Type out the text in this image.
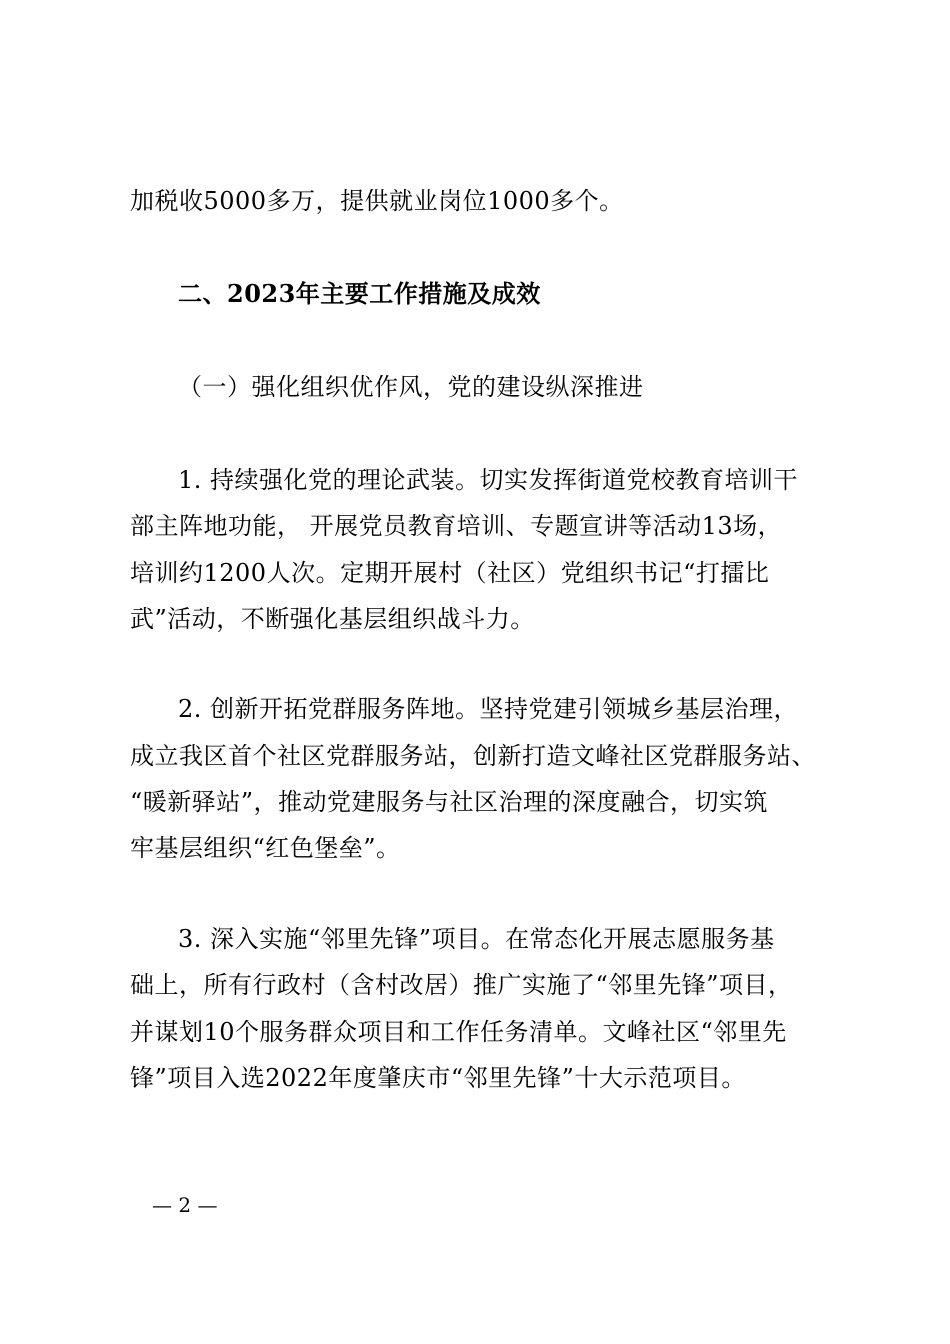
加税收5000多万，提供就业岗位1000多个。
二、2023年主要工作措施及成效
（一）强化组织优作风，党的建设纵深推进
1. 持续强化党的理论武装。切实发挥街道党校教育培训干
部主阵地功能， 开展党员教育培训、专题宣讲等活动13场，
培训约1200人次。定期开展村（社区）党组织书记“打擂比
武”活动，不断强化基层组织战斗力。
2. 创新开拓党群服务阵地。坚持党建引领城乡基层治理，
成立我区首个社区党群服务站，创新打造文峰社区党群服务站、
“暖新驿站”，推动党建服务与社区治理的深度融合，切实筑
牢基层组织“红色堡垒”。
3. 深入实施“邻里先锋”项目。在常态化开展志愿服务基
础上，所有行政村（含村改居）推广实施了“邻里先锋”项目，
并谋划10个服务群众项目和工作任务清单。文峰社区“邻里先
锋”项目入选2022年度肇庆市“邻里先锋”十大示范项目。
— 2 —
